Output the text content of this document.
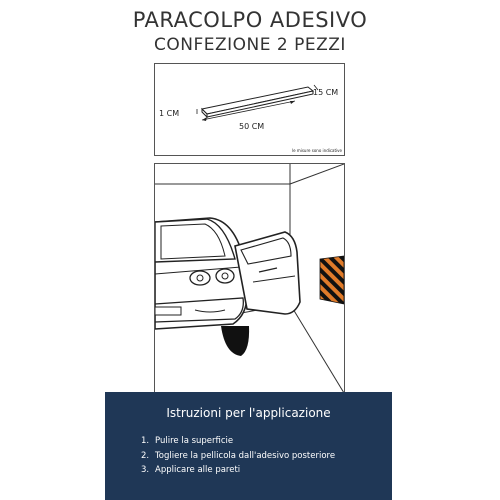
PARACOLPO ADESIVO
CONFEZIONE 2 PEZZI
1 CM
50 CM
15 CM
le misure sono indicative
Istruzioni per l'applicazione
1. Pulire la superficie
2. Togliere la pellicola dall'adesivo posteriore
3. Applicare alle pareti
